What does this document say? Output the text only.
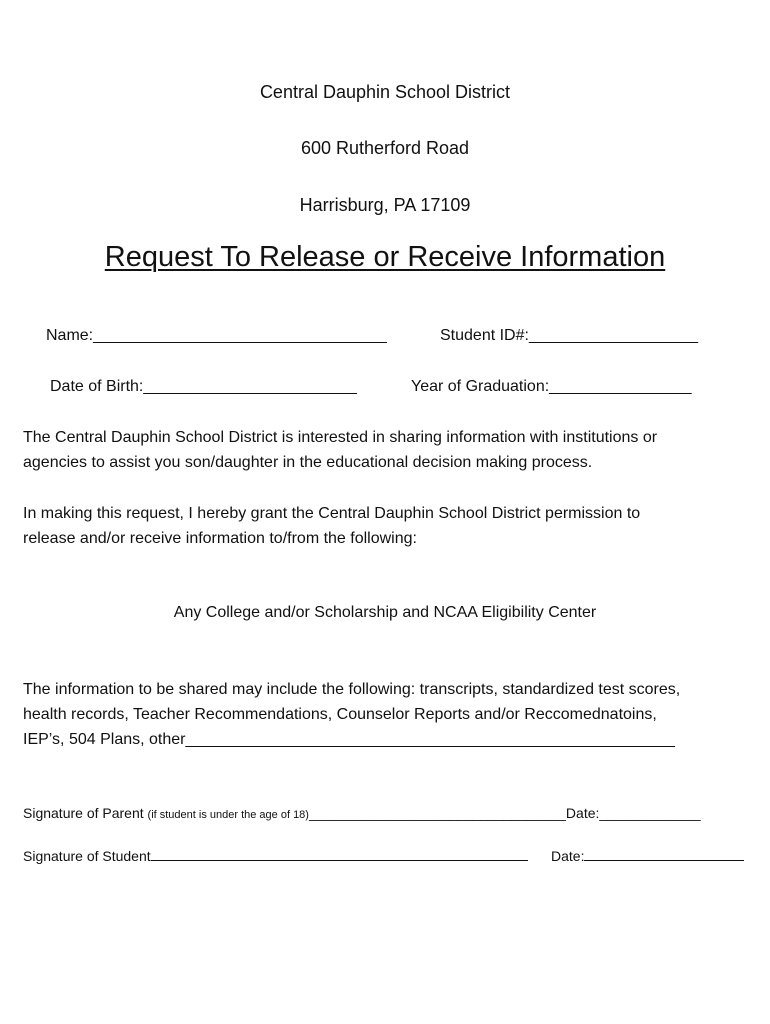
Central Dauphin School District
600 Rutherford Road
Harrisburg, PA 17109
Request To Release or Receive Information
Name:_________________________________	Student ID#:___________________
Date of Birth:________________________	Year of Graduation:________________

The Central Dauphin School District is interested in sharing information with institutions or
agencies to assist you son/daughter in the educational decision making process.

In making this request, I hereby grant the Central Dauphin School District permission to
release and/or receive information to/from the following:

Any College and/or Scholarship and NCAA Eligibility Center

The information to be shared may include the following: transcripts, standardized test scores,
health records, Teacher Recommendations, Counselor Reports and/or Reccomednatoins,
IEP’s, 504 Plans, other_______________________________________________________

Signature of Parent (if student is under the age of 18)_________________________________Date:_____________
Signature of Student	Date:
